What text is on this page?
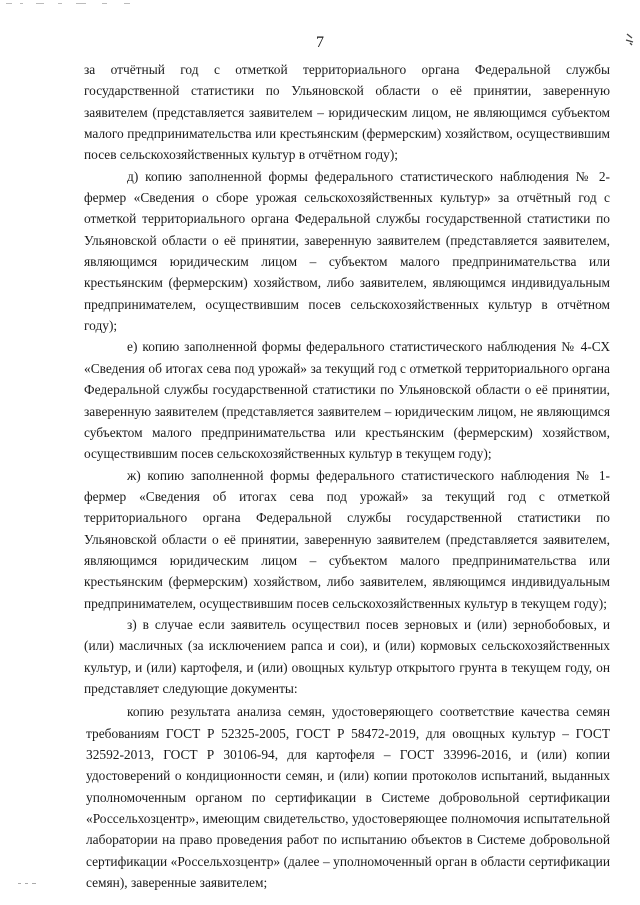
7

за отчётный год с отметкой территориального органа Федеральной службы государственной статистики по Ульяновской области о её принятии, заверенную заявителем (представляется заявителем – юридическим лицом, не являющимся субъектом малого предпринимательства или крестьянским (фермерским) хозяйством, осуществившим посев сельскохозяйственных культур в отчётном году);

д) копию заполненной формы федерального статистического наблюдения № 2-фермер «Сведения о сборе урожая сельскохозяйственных культур» за отчётный год с отметкой территориального органа Федеральной службы государственной статистики по Ульяновской области о её принятии, заверенную заявителем (представляется заявителем, являющимся юридическим лицом – субъектом малого предпринимательства или крестьянским (фермерским) хозяйством, либо заявителем, являющимся индивидуальным предпринимателем, осуществившим посев сельскохозяйственных культур в отчётном году);

е) копию заполненной формы федерального статистического наблюдения № 4-СХ «Сведения об итогах сева под урожай» за текущий год с отметкой территориального органа Федеральной службы государственной статистики по Ульяновской области о её принятии, заверенную заявителем (представляется заявителем – юридическим лицом, не являющимся субъектом малого предпринимательства или крестьянским (фермерским) хозяйством, осуществившим посев сельскохозяйственных культур в текущем году);

ж) копию заполненной формы федерального статистического наблюдения № 1-фермер «Сведения об итогах сева под урожай» за текущий год с отметкой территориального органа Федеральной службы государственной статистики по Ульяновской области о её принятии, заверенную заявителем (представляется заявителем, являющимся юридическим лицом – субъектом малого предпринимательства или крестьянским (фермерским) хозяйством, либо заявителем, являющимся индивидуальным предпринимателем, осуществившим посев сельскохозяйственных культур в текущем году);

з) в случае если заявитель осуществил посев зерновых и (или) зернобобовых, и (или) масличных (за исключением рапса и сои), и (или) кормовых сельскохозяйственных культур, и (или) картофеля, и (или) овощных культур открытого грунта в текущем году, он представляет следующие документы:

копию результата анализа семян, удостоверяющего соответствие качества семян требованиям ГОСТ Р 52325-2005, ГОСТ Р 58472-2019, для овощных культур – ГОСТ 32592-2013, ГОСТ Р 30106-94, для картофеля – ГОСТ 33996-2016, и (или) копии удостоверений о кондиционности семян, и (или) копии протоколов испытаний, выданных уполномоченным органом по сертификации в Системе добровольной сертификации «Россельхозцентр», имеющим свидетельство, удостоверяющее полномочия испытательной лаборатории на право проведения работ по испытанию объектов в Системе добровольной сертификации «Россельхозцентр» (далее – уполномоченный орган в области сертификации семян), заверенные заявителем;
